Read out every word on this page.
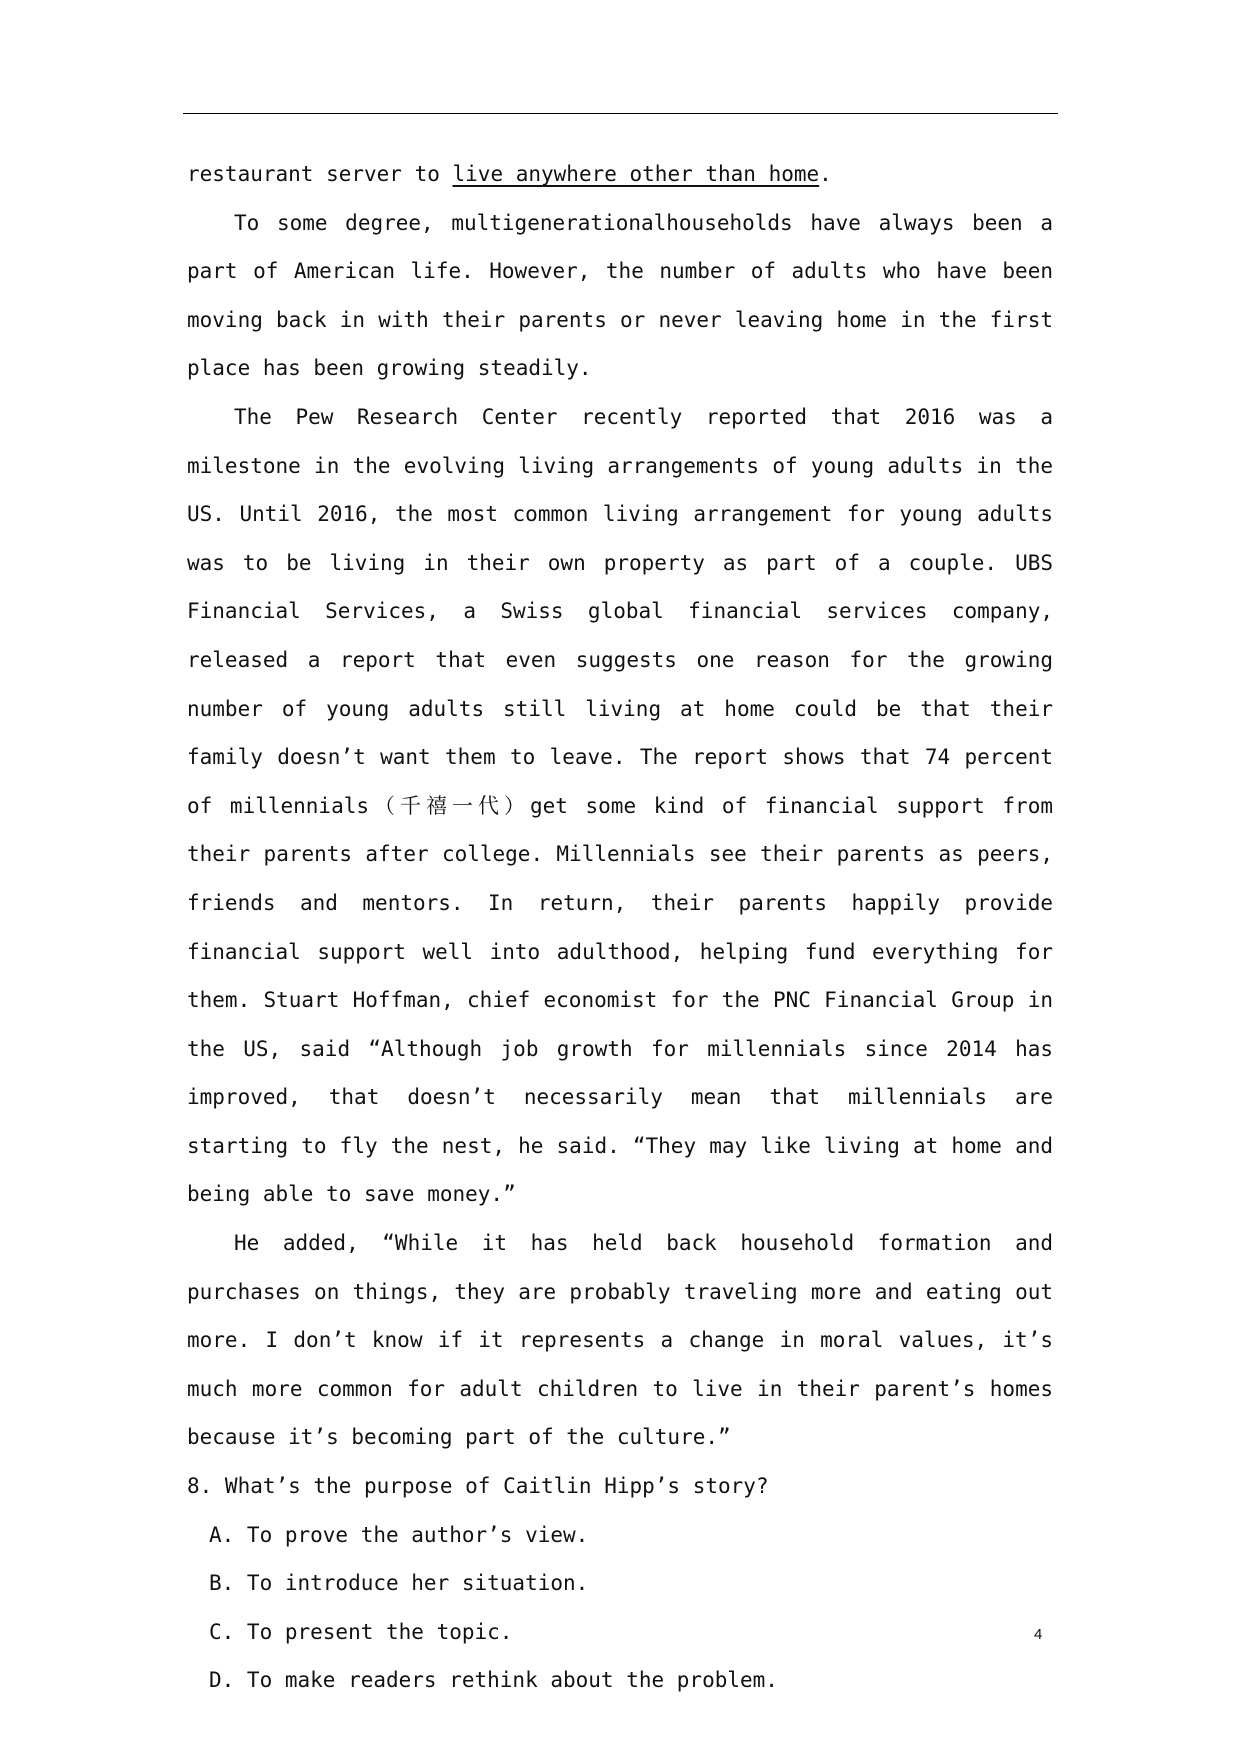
restaurant server to live anywhere other than home.

To some degree, multigenerationalhouseholds have always been a part of American life. However, the number of adults who have been moving back in with their parents or never leaving home in the first place has been growing steadily.

The Pew Research Center recently reported that 2016 was a milestone in the evolving living arrangements of young adults in the US. Until 2016, the most common living arrangement for young adults was to be living in their own property as part of a couple. UBS Financial Services, a Swiss global financial services company, released a report that even suggests one reason for the growing number of young adults still living at home could be that their family doesn’t want them to leave. The report shows that 74 percent of millennials（千禧一代）get some kind of financial support from their parents after college. Millennials see their parents as peers, friends and mentors. In return, their parents happily provide financial support well into adulthood, helping fund everything for them. Stuart Hoffman, chief economist for the PNC Financial Group in the US, said “Although job growth for millennials since 2014 has improved, that doesn’t necessarily mean that millennials are starting to fly the nest, he said. “They may like living at home and being able to save money.”

He added, “While it has held back household formation and purchases on things, they are probably traveling more and eating out more. I don’t know if it represents a change in moral values, it’s much more common for adult children to live in their parent’s homes because it’s becoming part of the culture.”

8. What’s the purpose of Caitlin Hipp’s story?

A. To prove the author’s view.
B. To introduce her situation.
C. To present the topic.
D. To make readers rethink about the problem.
4
